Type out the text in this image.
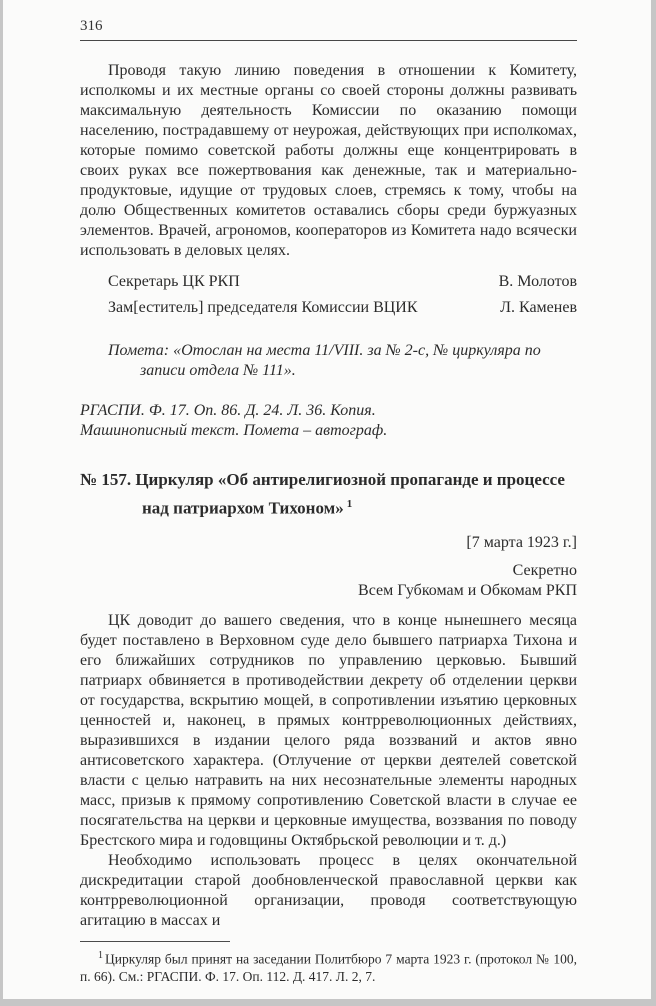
316

Проводя такую линию поведения в отношении к Комитету, исполкомы и их местные органы со своей стороны должны развивать максимальную деятельность Комиссии по оказанию помощи населению, пострадавшему от неурожая, действующих при исполкомах, которые помимо советской работы должны еще концентрировать в своих руках все пожертвования как денежные, так и материально-продуктовые, идущие от трудовых слоев, стремясь к тому, чтобы на долю Общественных комитетов оставались сборы среди буржуазных элементов. Врачей, агрономов, кооператоров из Комитета надо всячески использовать в деловых целях.

Секретарь ЦК РКП	В. Молотов
Зам[еститель] председателя Комиссии ВЦИК	Л. Каменев

Помета: «Отослан на места 11/VIII. за № 2-с, № циркуляра по записи отдела № 111».

РГАСПИ. Ф. 17. Оп. 86. Д. 24. Л. 36. Копия.
Машинописный текст. Помета – автограф.
№ 157. Циркуляр «Об антирелигиозной пропаганде и процессе над патриархом Тихоном» $^1$
[7 марта 1923 г.]
Секретно
Всем Губкомам и Обкомам РКП

ЦК доводит до вашего сведения, что в конце нынешнего месяца будет поставлено в Верховном суде дело бывшего патриарха Тихона и его ближайших сотрудников по управлению церковью. Бывший патриарх обвиняется в противодействии декрету об отделении церкви от государства, вскрытию мощей, в сопротивлении изъятию церковных ценностей и, наконец, в прямых контрреволюционных действиях, выразившихся в издании целого ряда воззваний и актов явно антисоветского характера. (Отлучение от церкви деятелей советской власти с целью натравить на них несознательные элементы народных масс, призыв к прямому сопротивлению Советской власти в случае ее посягательства на церкви и церковные имущества, воззвания по поводу Брестского мира и годовщины Октябрьской революции и т. д.)

Необходимо использовать процесс в целях окончательной дискредитации старой дообновленческой православной церкви как контрреволюционной организации, проводя соответствующую агитацию в массах и

$^1$ Циркуляр был принят на заседании Политбюро 7 марта 1923 г. (протокол № 100, п. 66). См.: РГАСПИ. Ф. 17. Оп. 112. Д. 417. Л. 2, 7.
